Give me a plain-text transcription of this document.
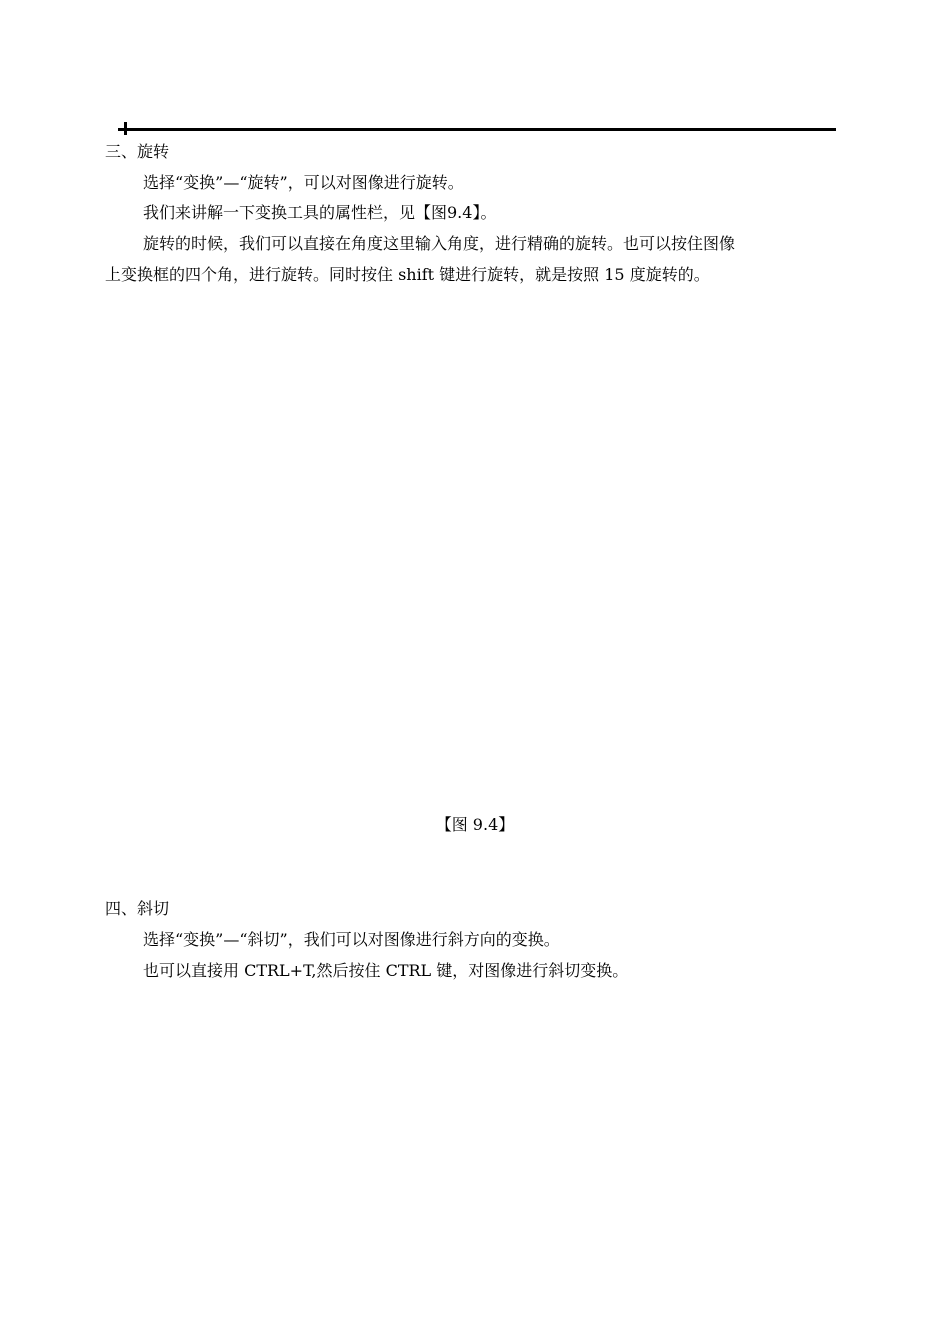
三、旋转
选择“变换”—“旋转”，可以对图像进行旋转。
我们来讲解一下变换工具的属性栏，见【图9.4】。
旋转的时候，我们可以直接在角度这里输入角度，进行精确的旋转。也可以按住图像
上变换框的四个角，进行旋转。同时按住 shift 键进行旋转，就是按照 15 度旋转的。
【图 9.4】
四、斜切
选择“变换”—“斜切”，我们可以对图像进行斜方向的变换。
也可以直接用 CTRL+T,然后按住 CTRL 键，对图像进行斜切变换。
